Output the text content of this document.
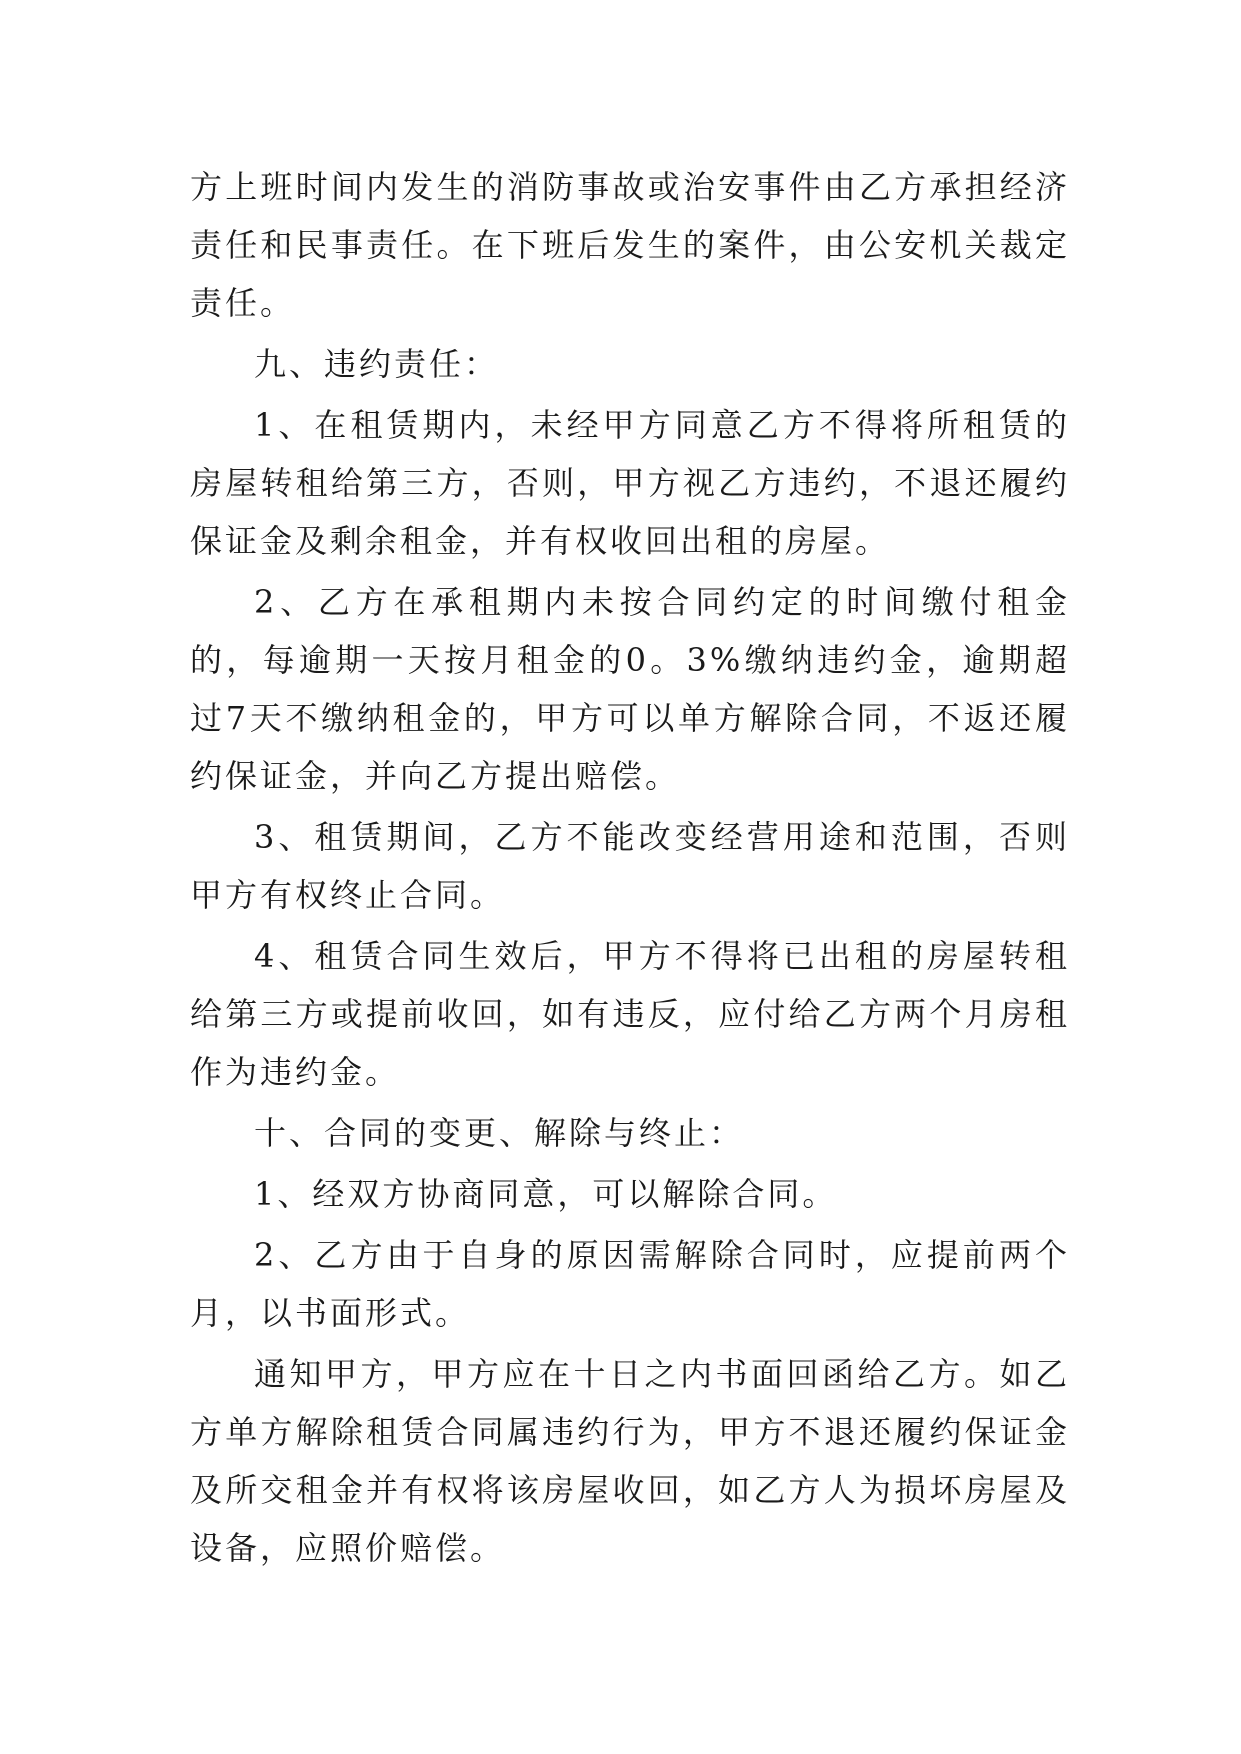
方上班时间内发生的消防事故或治安事件由乙方承担经济责任和民事责任。在下班后发生的案件，由公安机关裁定责任。

九、违约责任：

1、在租赁期内，未经甲方同意乙方不得将所租赁的房屋转租给第三方，否则，甲方视乙方违约，不退还履约保证金及剩余租金，并有权收回出租的房屋。

2、乙方在承租期内未按合同约定的时间缴付租金的，每逾期一天按月租金的0。3%缴纳违约金，逾期超过7天不缴纳租金的，甲方可以单方解除合同，不返还履约保证金，并向乙方提出赔偿。

3、租赁期间，乙方不能改变经营用途和范围，否则甲方有权终止合同。

4、租赁合同生效后，甲方不得将已出租的房屋转租给第三方或提前收回，如有违反，应付给乙方两个月房租作为违约金。

十、合同的变更、解除与终止：

1、经双方协商同意，可以解除合同。

2、乙方由于自身的原因需解除合同时，应提前两个月，以书面形式。

通知甲方，甲方应在十日之内书面回函给乙方。如乙方单方解除租赁合同属违约行为，甲方不退还履约保证金及所交租金并有权将该房屋收回，如乙方人为损坏房屋及设备，应照价赔偿。
